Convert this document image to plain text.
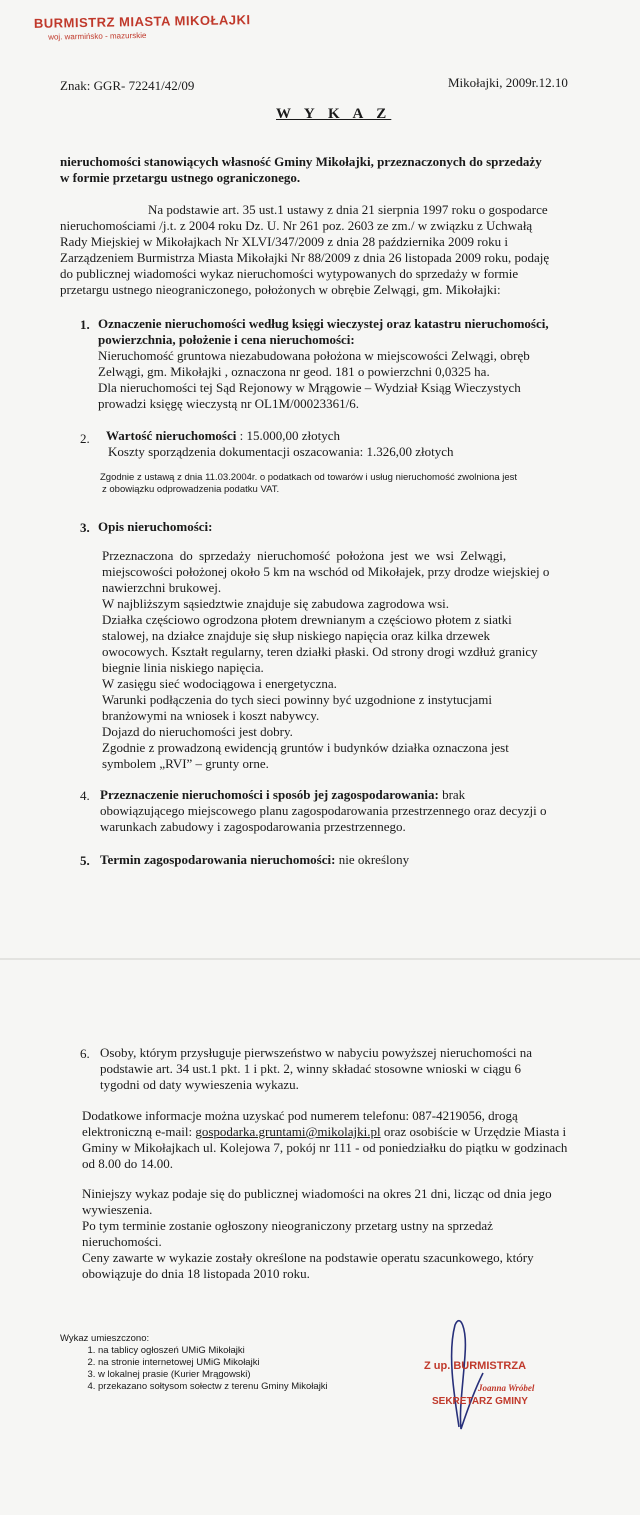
BURMISTRZ MIASTA MIKOŁAJKI
woj. warmińsko - mazurskie
Znak: GGR- 72241/42/09	Mikołajki, 2009r.12.10
W Y K A Z
nieruchomości stanowiących własność Gminy Mikołajki, przeznaczonych do sprzedaży
w formie przetargu ustnego ograniczonego.
Na podstawie art. 35 ust.1 ustawy z dnia 21 sierpnia 1997 roku o gospodarce
nieruchomościami /j.t. z 2004 roku Dz. U. Nr 261 poz. 2603 ze zm./ w związku z Uchwałą
Rady Miejskiej w Mikołajkach Nr XLVI/347/2009 z dnia 28 października 2009 roku i
Zarządzeniem Burmistrza Miasta Mikołajki Nr 88/2009 z dnia 26 listopada 2009 roku, podaję
do publicznej wiadomości wykaz nieruchomości wytypowanych do sprzedaży w formie
przetargu ustnego nieograniczonego, położonych w obrębie Zelwągi, gm. Mikołajki:
1. Oznaczenie nieruchomości według księgi wieczystej oraz katastru nieruchomości,
powierzchnia, położenie i cena nieruchomości:
Nieruchomość gruntowa niezabudowana położona w miejscowości Zelwągi, obręb
Zelwągi, gm. Mikołajki , oznaczona nr geod. 181 o powierzchni 0,0325 ha.
Dla nieruchomości tej Sąd Rejonowy w Mrągowie – Wydział Ksiąg Wieczystych
prowadzi księgę wieczystą nr OL1M/00023361/6.
2. Wartość nieruchomości : 15.000,00 złotych
Koszty sporządzenia dokumentacji oszacowania: 1.326,00 złotych
Zgodnie z ustawą z dnia 11.03.2004r. o podatkach od towarów i usług nieruchomość zwolniona jest
z obowiązku odprowadzenia podatku VAT.
3. Opis nieruchomości:
Przeznaczona do sprzedaży nieruchomość położona jest we wsi Zelwągi,
miejscowości położonej około 5 km na wschód od Mikołajek, przy drodze wiejskiej o
nawierzchni brukowej.
W najbliższym sąsiedztwie znajduje się zabudowa zagrodowa wsi.
Działka częściowo ogrodzona płotem drewnianym a częściowo płotem z siatki
stalowej, na działce znajduje się słup niskiego napięcia oraz kilka drzewek
owocowych. Kształt regularny, teren działki płaski. Od strony drogi wzdłuż granicy
biegnie linia niskiego napięcia.
W zasięgu sieć wodociągowa i energetyczna.
Warunki podłączenia do tych sieci powinny być uzgodnione z instytucjami
branżowymi na wniosek i koszt nabywcy.
Dojazd do nieruchomości jest dobry.
Zgodnie z prowadzoną ewidencją gruntów i budynków działka oznaczona jest
symbolem „RVI” – grunty orne.
4. Przeznaczenie nieruchomości i sposób jej zagospodarowania: brak
obowiązującego miejscowego planu zagospodarowania przestrzennego oraz decyzji o
warunkach zabudowy i zagospodarowania przestrzennego.
5. Termin zagospodarowania nieruchomości: nie określony
6. Osoby, którym przysługuje pierwszeństwo w nabyciu powyższej nieruchomości na
podstawie art. 34 ust.1 pkt. 1 i pkt. 2, winny składać stosowne wnioski w ciągu 6
tygodni od daty wywieszenia wykazu.
Dodatkowe informacje można uzyskać pod numerem telefonu: 087-4219056, drogą
elektroniczną e-mail: gospodarka.gruntami@mikolajki.pl oraz osobiście w Urzędzie Miasta i
Gminy w Mikołajkach ul. Kolejowa 7, pokój nr 111 - od poniedziałku do piątku w godzinach
od 8.00 do 14.00.
Niniejszy wykaz podaje się do publicznej wiadomości na okres 21 dni, licząc od dnia jego
wywieszenia.
Po tym terminie zostanie ogłoszony nieograniczony przetarg ustny na sprzedaż
nieruchomości.
Ceny zawarte w wykazie zostały określone na podstawie operatu szacunkowego, który
obowiązuje do dnia 18 listopada 2010 roku.
Wykaz umieszczono:
1. na tablicy ogłoszeń UMiG Mikołajki
2. na stronie internetowej UMiG Mikołajki
3. w lokalnej prasie (Kurier Mrągowski)
4. przekazano sołtysom sołectw z terenu Gminy Mikołajki
Z up. BURMISTRZA
Joanna Wróbel
SEKRETARZ GMINY
